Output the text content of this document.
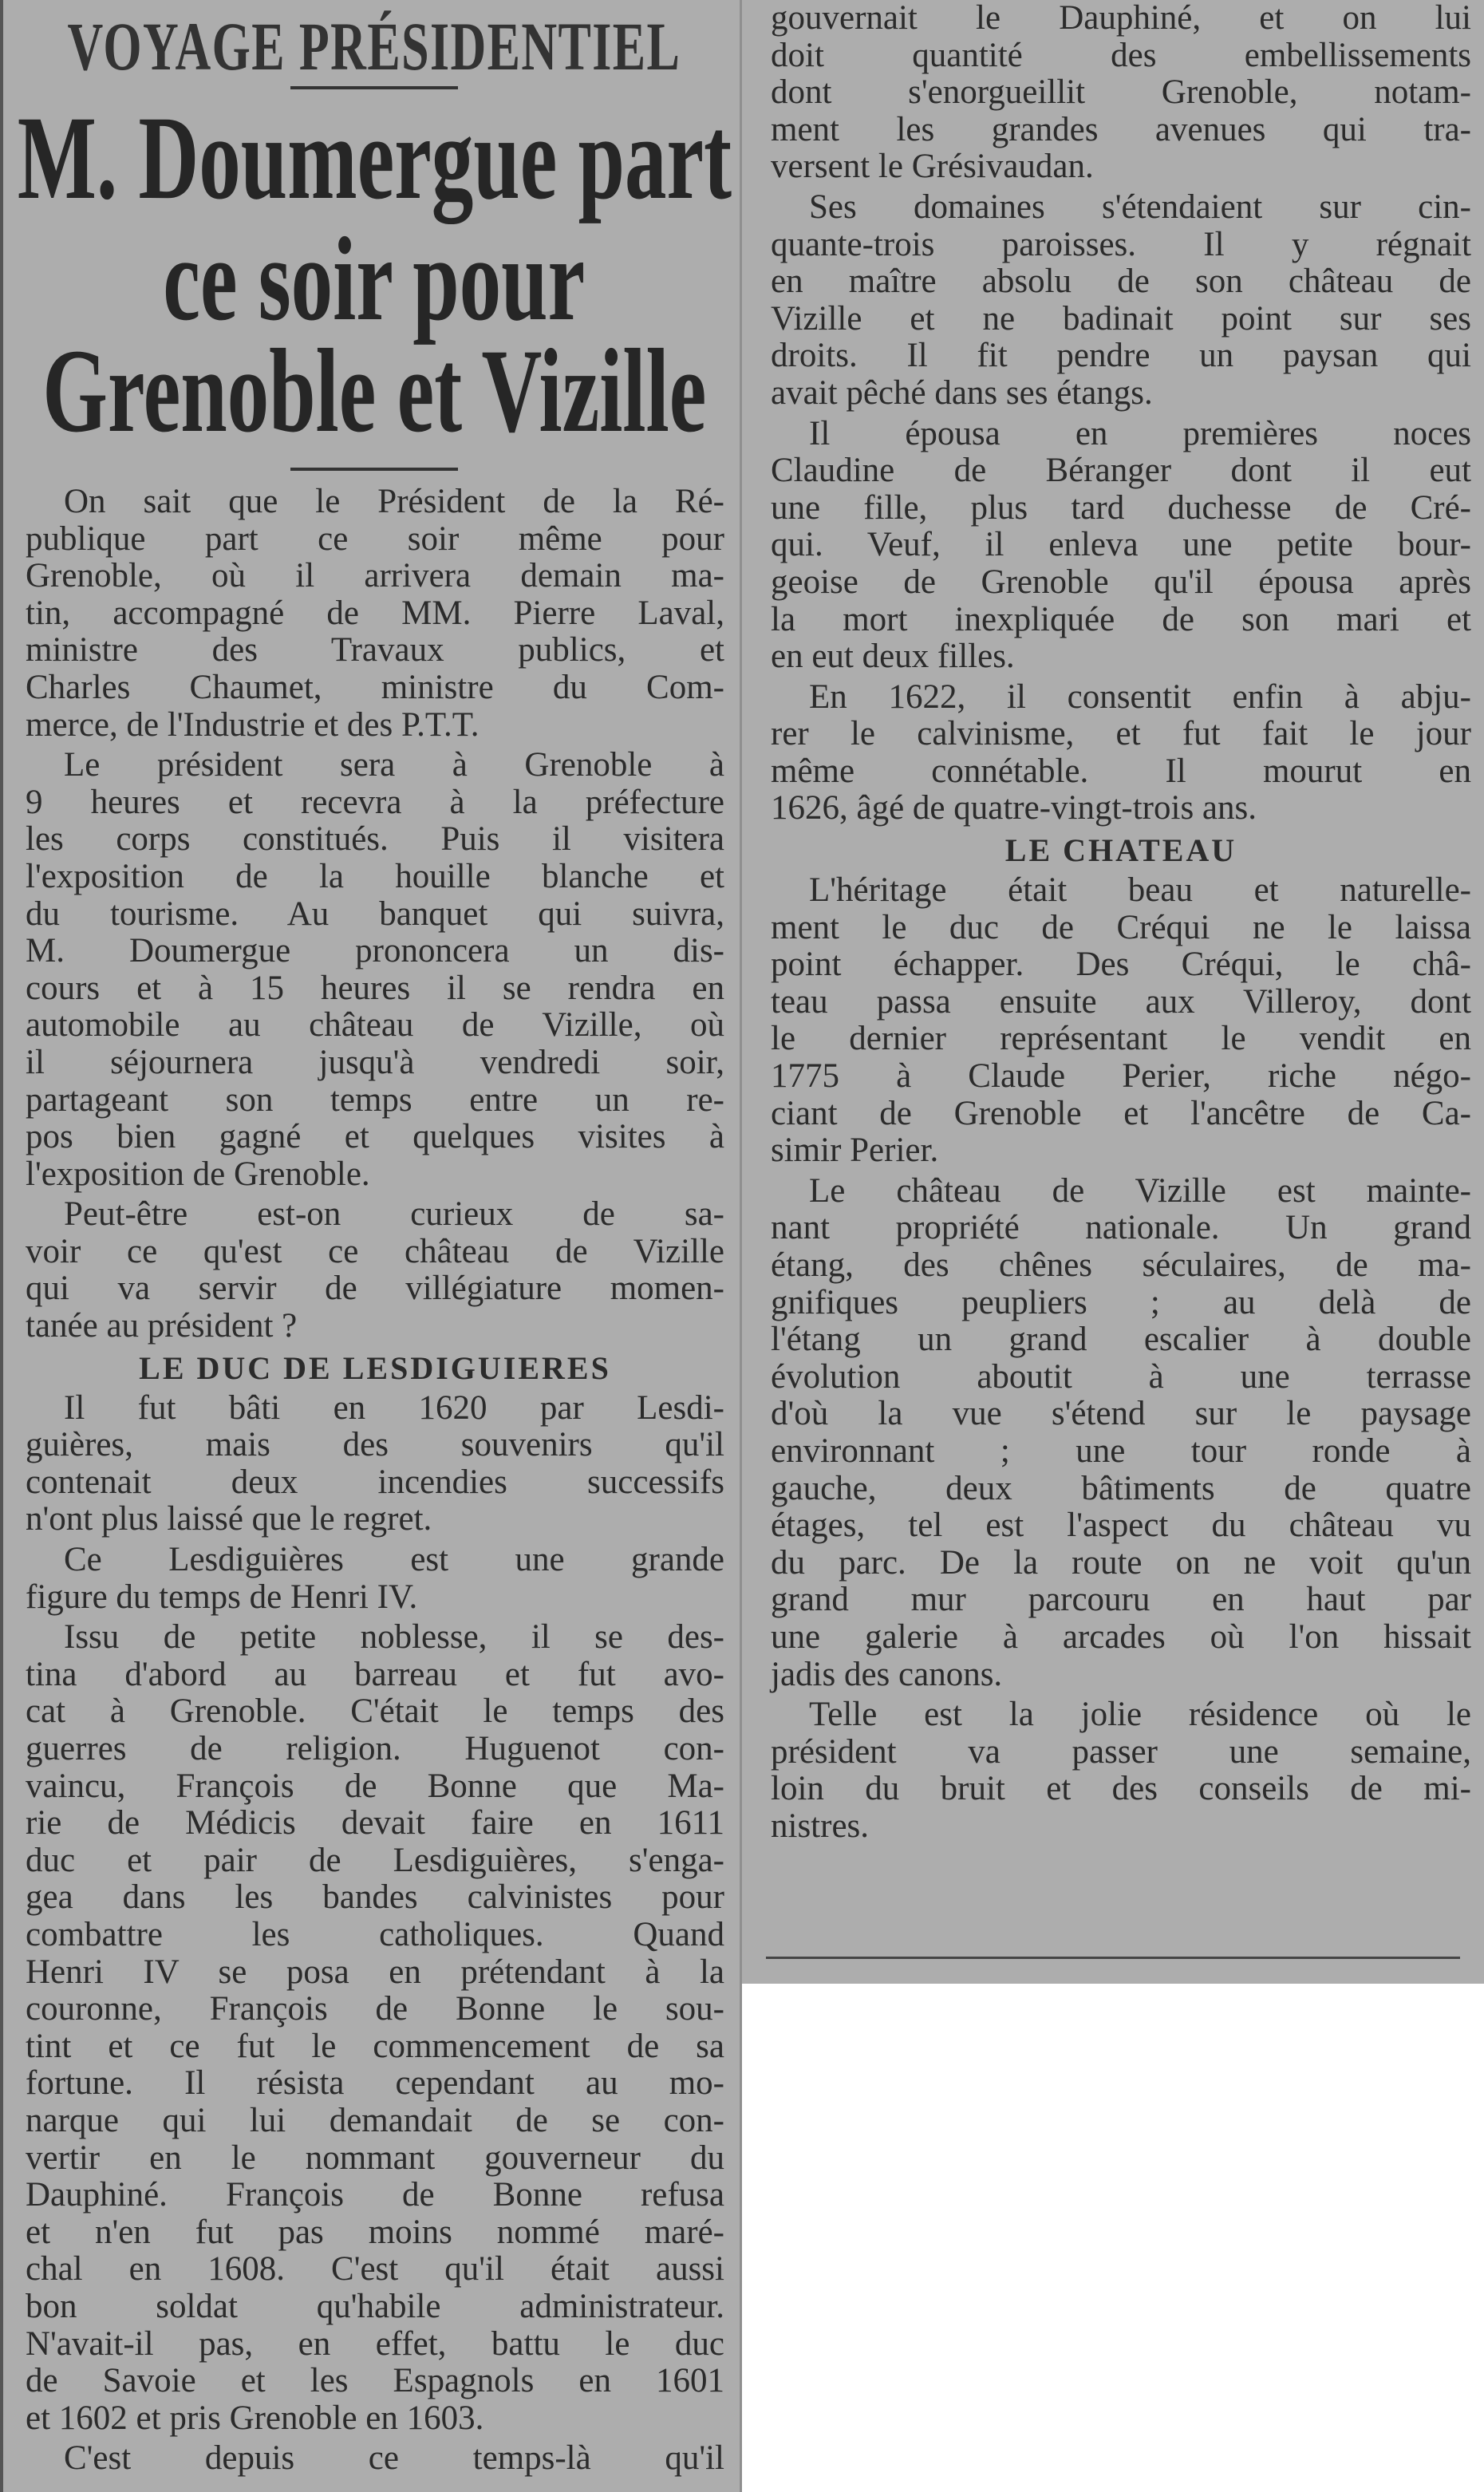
VOYAGE PRÉSIDENTIEL
M. Doumergue part
ce soir pour
Grenoble et Vizille
On sait que le Président de la Ré-
publique part ce soir même pour
Grenoble, où il arrivera demain ma-
tin, accompagné de MM. Pierre Laval,
ministre des Travaux publics, et
Charles Chaumet, ministre du Com-
merce, de l'Industrie et des P.T.T.
Le président sera à Grenoble à
9 heures et recevra à la préfecture
les corps constitués. Puis il visitera
l'exposition de la houille blanche et
du tourisme. Au banquet qui suivra,
M. Doumergue prononcera un dis-
cours et à 15 heures il se rendra en
automobile au château de Vizille, où
il séjournera jusqu'à vendredi soir,
partageant son temps entre un re-
pos bien gagné et quelques visites à
l'exposition de Grenoble.
Peut-être est-on curieux de sa-
voir ce qu'est ce château de Vizille
qui va servir de villégiature momen-
tanée au président ?
LE DUC DE LESDIGUIERES
Il fut bâti en 1620 par Lesdi-
guières, mais des souvenirs qu'il
contenait deux incendies successifs
n'ont plus laissé que le regret.
Ce Lesdiguières est une grande
figure du temps de Henri IV.
Issu de petite noblesse, il se des-
tina d'abord au barreau et fut avo-
cat à Grenoble. C'était le temps des
guerres de religion. Huguenot con-
vaincu, François de Bonne que Ma-
rie de Médicis devait faire en 1611
duc et pair de Lesdiguières, s'enga-
gea dans les bandes calvinistes pour
combattre les catholiques. Quand
Henri IV se posa en prétendant à la
couronne, François de Bonne le sou-
tint et ce fut le commencement de sa
fortune. Il résista cependant au mo-
narque qui lui demandait de se con-
vertir en le nommant gouverneur du
Dauphiné. François de Bonne refusa
et n'en fut pas moins nommé maré-
chal en 1608. C'est qu'il était aussi
bon soldat qu'habile administrateur.
N'avait-il pas, en effet, battu le duc
de Savoie et les Espagnols en 1601
et 1602 et pris Grenoble en 1603.
C'est depuis ce temps-là qu'il
gouvernait le Dauphiné, et on lui
doit quantité des embellissements
dont s'enorgueillit Grenoble, notam-
ment les grandes avenues qui tra-
versent le Grésivaudan.
Ses domaines s'étendaient sur cin-
quante-trois paroisses. Il y régnait
en maître absolu de son château de
Vizille et ne badinait point sur ses
droits. Il fit pendre un paysan qui
avait pêché dans ses étangs.
Il épousa en premières noces
Claudine de Béranger dont il eut
une fille, plus tard duchesse de Cré-
qui. Veuf, il enleva une petite bour-
geoise de Grenoble qu'il épousa après
la mort inexpliquée de son mari et
en eut deux filles.
En 1622, il consentit enfin à abju-
rer le calvinisme, et fut fait le jour
même connétable. Il mourut en
1626, âgé de quatre-vingt-trois ans.
LE CHATEAU
L'héritage était beau et naturelle-
ment le duc de Créqui ne le laissa
point échapper. Des Créqui, le châ-
teau passa ensuite aux Villeroy, dont
le dernier représentant le vendit en
1775 à Claude Perier, riche négo-
ciant de Grenoble et l'ancêtre de Ca-
simir Perier.
Le château de Vizille est mainte-
nant propriété nationale. Un grand
étang, des chênes séculaires, de ma-
gnifiques peupliers ; au delà de
l'étang un grand escalier à double
évolution aboutit à une terrasse
d'où la vue s'étend sur le paysage
environnant ; une tour ronde à
gauche, deux bâtiments de quatre
étages, tel est l'aspect du château vu
du parc. De la route on ne voit qu'un
grand mur parcouru en haut par
une galerie à arcades où l'on hissait
jadis des canons.
Telle est la jolie résidence où le
président va passer une semaine,
loin du bruit et des conseils de mi-
nistres.
